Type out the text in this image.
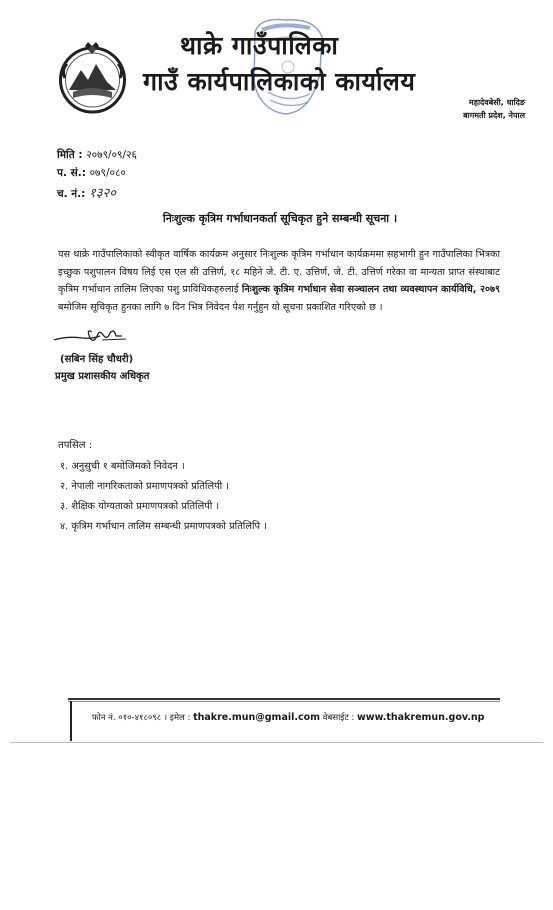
थाक्रे गाउँपालिका
गाउँ कार्यपालिकाको कार्यालय
महादेवबेसी, धादिङ
बागमती प्रदेश, नेपाल
मिति : २०७९/०९/२६
प. सं.: ०७९/०८०
च. नं.: १३२०
निःशुल्क कृत्रिम गर्भाधानकर्ता सूचिकृत हुने सम्बन्धी सूचना ।
यस थाक्रे गाउँपालिकाको स्वीकृत वार्षिक कार्यक्रम अनुसार निःशुल्क कृत्रिम गर्भाधान कार्यक्रममा सहभागी हुन गाउँपालिका भित्रका इच्छुक पशुपालन विषय लिई एस एल सी उत्तिर्ण, १८ महिने जे. टी. ए. उत्तिर्ण, जे. टी. उत्तिर्ण गरेका वा मान्यता प्राप्त संस्थाबाट कृत्रिम गर्भाधान तालिम लिएका पशु प्राविधिकहरुलाई निःशुल्क कृत्रिम गर्भाधान सेवा सञ्चालन तथा व्यवस्थापन कार्यविधि, २०७९ बमोजिम सूचिकृत हुनका लागि ७ दिन भित्र निवेदन पेश गर्नुहुन यो सूचना प्रकाशित गरिएको छ ।
(सबिन सिंह चौधरी)
प्रमुख प्रशासकीय अधिकृत
तपसिल :
१. अनुसुची १ बमोजिमको निवेदन ।
२. नेपाली नागरिकताको प्रमाणपत्रको प्रतिलिपी ।
३. शैक्षिक योग्यताको प्रमाणपत्रको प्रतिलिपी ।
४. कृत्रिम गर्भाधान तालिम सम्बन्धी प्रमाणपत्रको प्रतिलिपि ।
फोन नं. ०१०-४१८०९८ । इमेल : thakre.mun@gmail.com वेबसाईट : www.thakremun.gov.np
